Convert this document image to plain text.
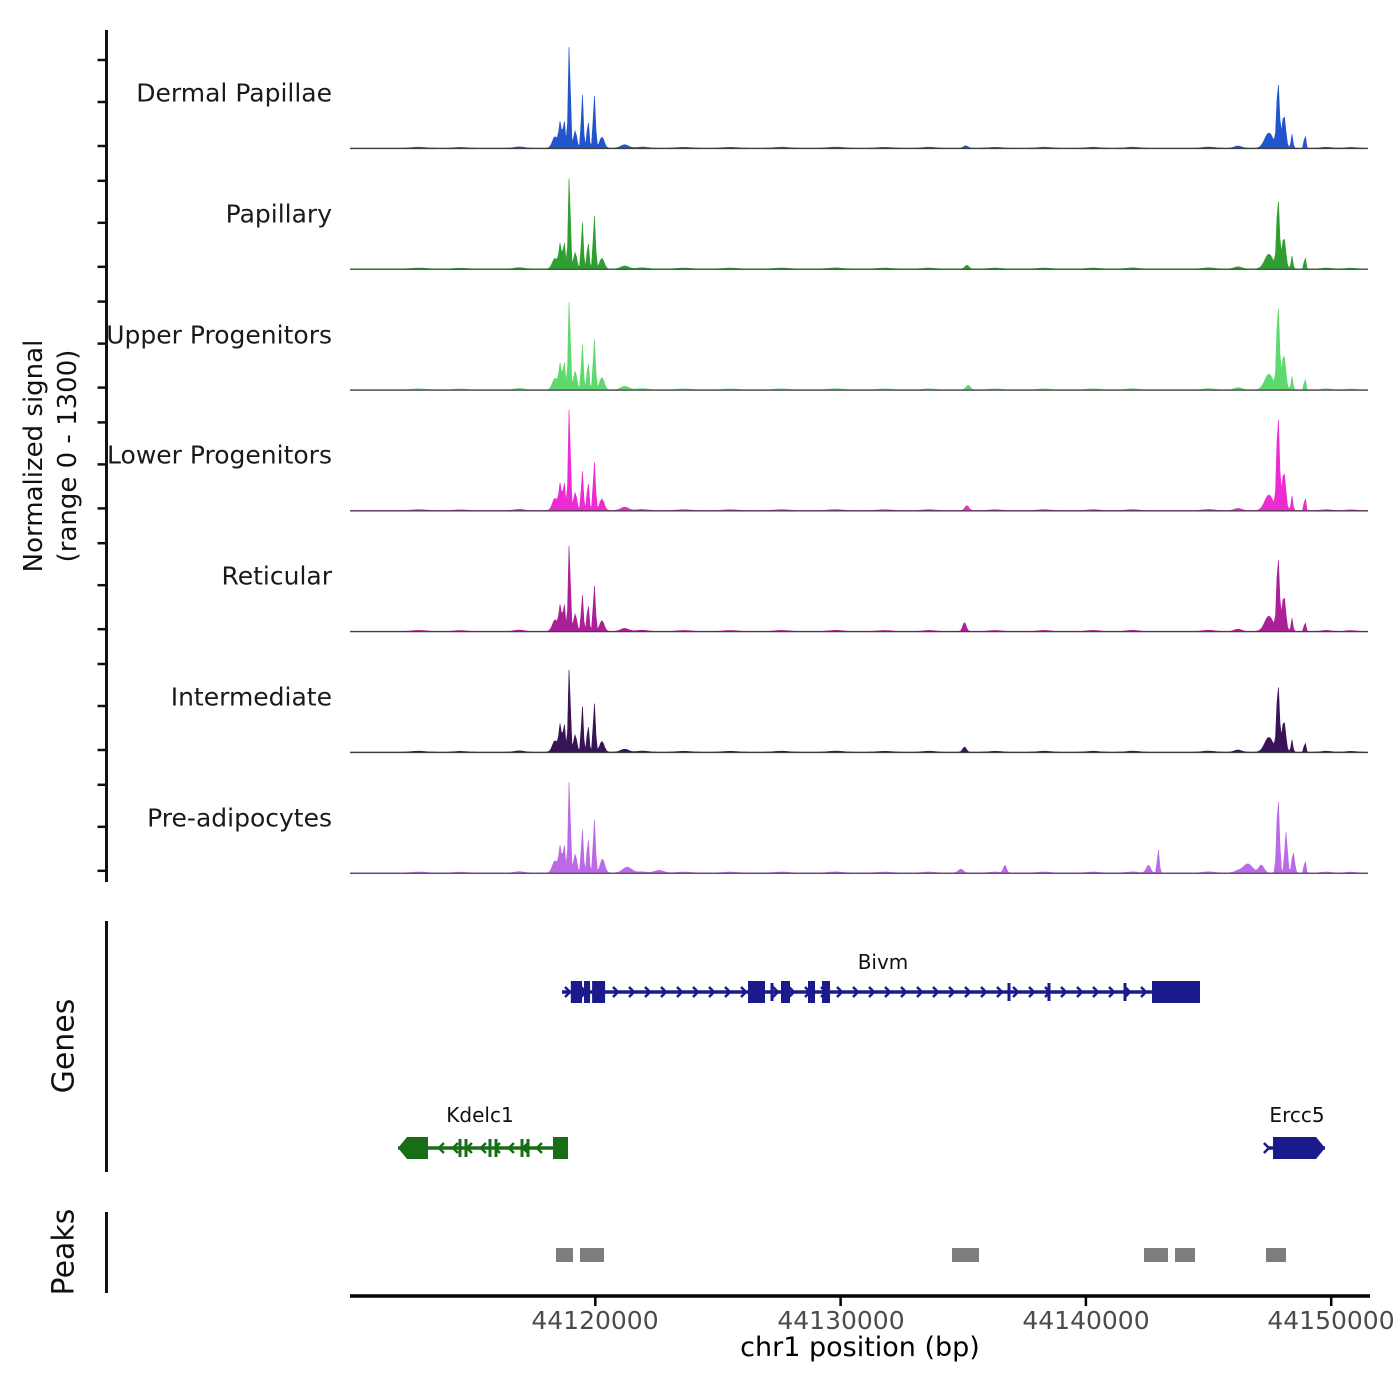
Normalized signal (range 0 - 1300)
Genes
Peaks
chr1 position (bp)
Dermal Papillae
Papillary
Upper Progenitors
Lower Progenitors
Reticular
Intermediate
Pre-adipocytes
Bivm
Kdelc1	Ercc5
44120000	44130000	44140000	44150000
